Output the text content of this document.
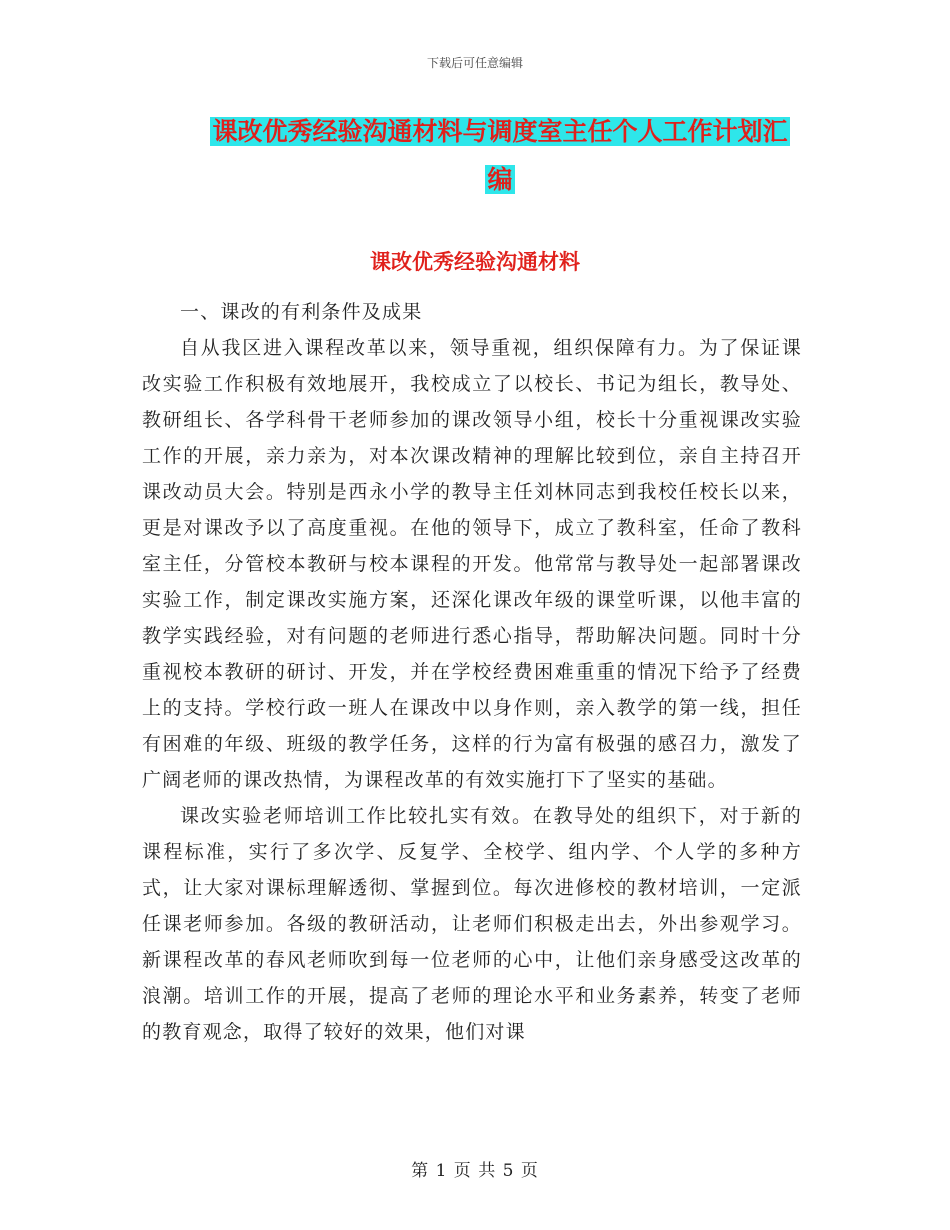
下载后可任意编辑
课改优秀经验沟通材料与调度室主任个人工作计划汇
编
课改优秀经验沟通材料

一、课改的有利条件及成果

自从我区进入课程改革以来，领导重视，组织保障有力。为了保证课改实验工作积极有效地展开，我校成立了以校长、书记为组长，教导处、教研组长、各学科骨干老师参加的课改领导小组，校长十分重视课改实验工作的开展，亲力亲为，对本次课改精神的理解比较到位，亲自主持召开课改动员大会。特别是西永小学的教导主任刘林同志到我校任校长以来，更是对课改予以了高度重视。在他的领导下，成立了教科室，任命了教科室主任，分管校本教研与校本课程的开发。他常常与教导处一起部署课改实验工作，制定课改实施方案，还深化课改年级的课堂听课，以他丰富的教学实践经验，对有问题的老师进行悉心指导，帮助解决问题。同时十分重视校本教研的研讨、开发，并在学校经费困难重重的情况下给予了经费上的支持。学校行政一班人在课改中以身作则，亲入教学的第一线，担任有困难的年级、班级的教学任务，这样的行为富有极强的感召力，激发了广阔老师的课改热情，为课程改革的有效实施打下了坚实的基础。

课改实验老师培训工作比较扎实有效。在教导处的组织下，对于新的课程标准，实行了多次学、反复学、全校学、组内学、个人学的多种方式，让大家对课标理解透彻、掌握到位。每次进修校的教材培训，一定派任课老师参加。各级的教研活动，让老师们积极走出去，外出参观学习。新课程改革的春风老师吹到每一位老师的心中，让他们亲身感受这改革的浪潮。培训工作的开展，提高了老师的理论水平和业务素养，转变了老师的教育观念，取得了较好的效果，他们对课

第 1 页 共 5 页
